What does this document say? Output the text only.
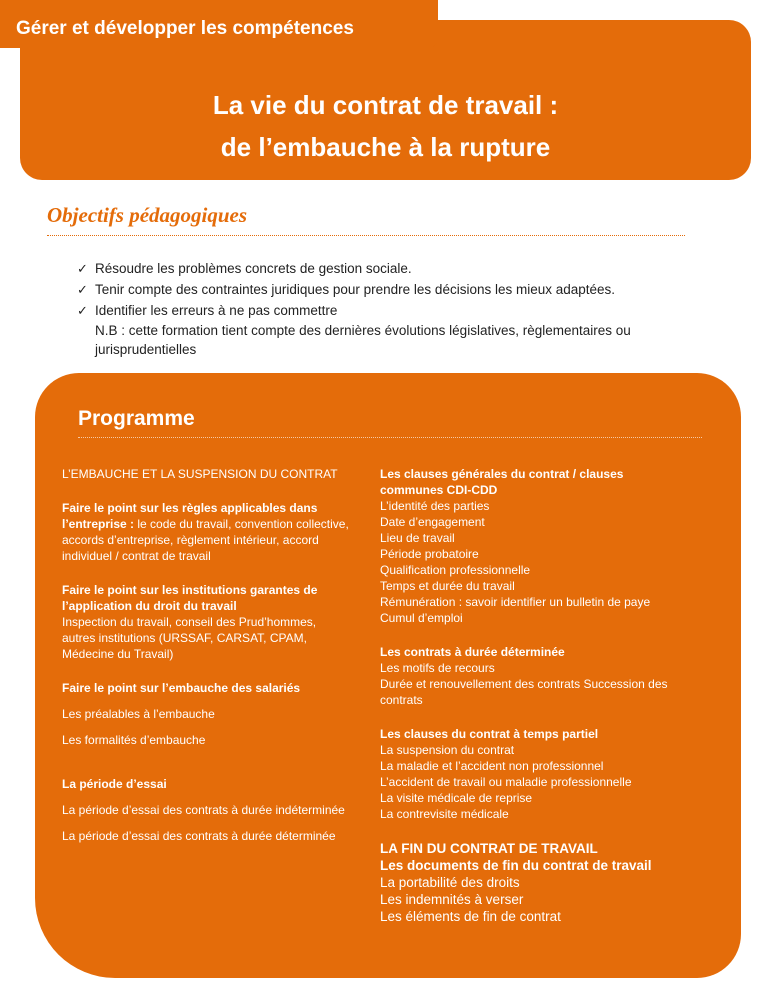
La vie du contrat de travail :
de l’embauche à la rupture
Gérer et développer les compétences
Objectifs pédagogiques
✓ Résoudre les problèmes concrets de gestion sociale.
✓ Tenir compte des contraintes juridiques pour prendre les décisions les mieux adaptées.
✓ Identifier les erreurs à ne pas commettre
N.B : cette formation tient compte des dernières évolutions législatives, règlementaires ou jurisprudentielles
Programme
L’EMBAUCHE ET LA SUSPENSION DU CONTRAT
Faire le point sur les règles applicables dans l’entreprise : le code du travail, convention collective, accords d’entreprise, règlement intérieur, accord individuel / contrat de travail
Faire le point sur les institutions garantes de l’application du droit du travail
Inspection du travail, conseil des Prud’hommes, autres institutions (URSSAF, CARSAT, CPAM, Médecine du Travail)
Faire le point sur l’embauche des salariés
Les préalables à l’embauche
Les formalités d’embauche
La période d’essai
La période d’essai des contrats à durée indéterminée
La période d’essai des contrats à durée déterminée
Les clauses générales du contrat / clauses communes CDI-CDD
L’identité des parties
Date d’engagement
Lieu de travail
Période probatoire
Qualification professionnelle
Temps et durée du travail
Rémunération : savoir identifier un bulletin de paye
Cumul d’emploi
Les contrats à durée déterminée
Les motifs de recours
Durée et renouvellement des contrats Succession des contrats
Les clauses du contrat à temps partiel
La suspension du contrat
La maladie et l’accident non professionnel
L’accident de travail ou maladie professionnelle
La visite médicale de reprise
La contrevisite médicale
LA FIN DU CONTRAT DE TRAVAIL
Les documents de fin du contrat de travail
La portabilité des droits
Les indemnités à verser
Les éléments de fin de contrat
